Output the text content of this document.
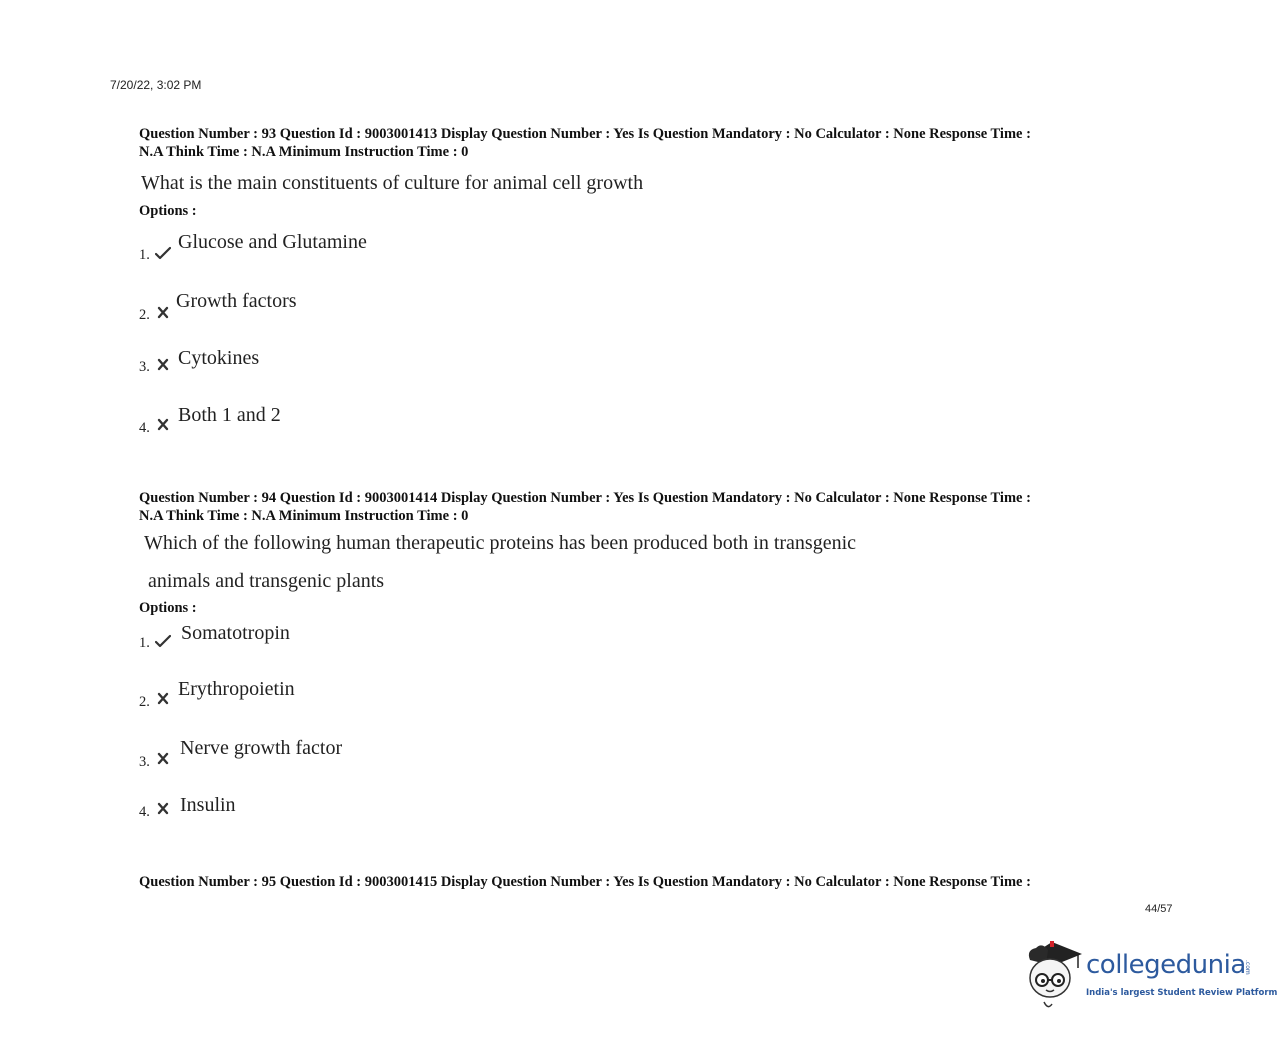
7/20/22, 3:02 PM
Question Number : 93 Question Id : 9003001413 Display Question Number : Yes Is Question Mandatory : No Calculator : None Response Time :
N.A Think Time : N.A Minimum Instruction Time : 0
What is the main constituents of culture for animal cell growth
Options :
1.
Glucose and Glutamine
2.
Growth factors
3. Cytokines
4.
Both 1 and 2
Question Number : 94 Question Id : 9003001414 Display Question Number : Yes Is Question Mandatory : No Calculator : None Response Time :
N.A Think Time : N.A Minimum Instruction Time : 0
Which of the following human therapeutic proteins has been produced both in transgenic
animals and transgenic plants
Options :
1. Somatotropin
2.
Erythropoietin
3.
Nerve growth factor
4. Insulin
Question Number : 95 Question Id : 9003001415 Display Question Number : Yes Is Question Mandatory : No Calculator : None Response Time :
44/57
collegedunia
.com
India's largest Student Review Platform
